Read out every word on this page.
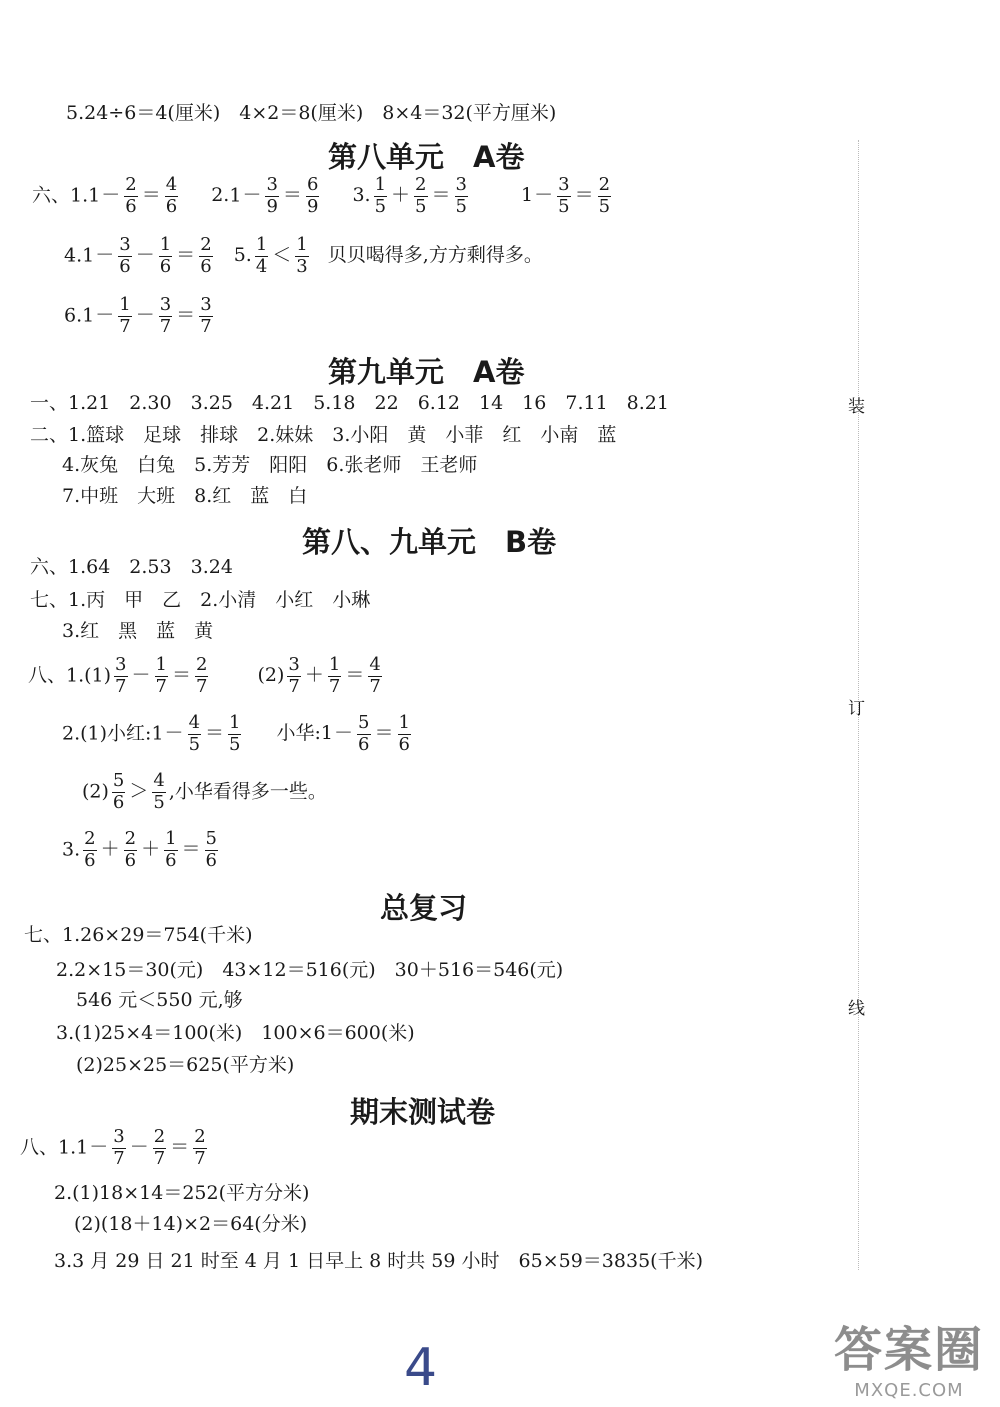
装
订
线
5.24÷6＝4(厘米)　4×2＝8(厘米)　8×4＝32(平方厘米)
第八单元　A卷
六、$1.1- \frac{2}{6} = \frac{4}{6} 2.1- \frac{3}{9} = \frac{6}{9} 3$. $\frac{1}{5} + \frac{2}{5} = \frac{3}{5}$	$1- \frac{3}{5} = \frac{2}{5}$
$4.1- \frac{3}{6} - \frac{1}{6} = \frac{2}{6} 5$. $\frac{1}{4} < \frac{1}{3}$ 贝贝喝得多,方方剩得多。
$6.1- \frac{1}{7} - \frac{3}{7} = \frac{3}{7}$
第九单元　A卷
一、1.21　2.30　3.25　4.21　5.18　22　6.12　14　16　7.11　8.21
二、1.篮球　足球　排球　2.妹妹　3.小阳　黄　小菲　红　小南　蓝
4.灰兔　白兔　5.芳芳　阳阳　6.张老师　王老师
7.中班　大班　8.红　蓝　白
第八、九单元　B卷
六、1.64　2.53　3.24
七、1.丙　甲　乙　2.小清　小红　小琳
3.红　黑　蓝　黄
八、$1.(1) \frac{3}{7} - \frac{1}{7} = \frac{2}{7}$	$(2) \frac{3}{7} + \frac{1}{7} = \frac{4}{7}$
2.(1)小红:1－ $\frac{4}{5} = \frac{1}{5}$ 小华:1－ $\frac{5}{6} = \frac{1}{6}$
$(2) \frac{5}{6} > \frac{4}{5}$ ,小华看得多一些。
3. $\frac{2}{6} + \frac{2}{6} + \frac{1}{6} = \frac{5}{6}$
总复习
七、1.26×29＝754(千米)
2.2×15＝30(元)　43×12＝516(元)　30＋516＝546(元)
546 元＜550 元,够
3.(1)25×4＝100(米)　100×6＝600(米)
(2)25×25＝625(平方米)
期末测试卷
八、$1.1- \frac{3}{7} - \frac{2}{7} = \frac{2}{7}$
2.(1)18×14＝252(平方分米)
(2)(18＋14)×2＝64(分米)
3.3 月 29 日 21 时至 4 月 1 日早上 8 时共 59 小时　65×59＝3835(千米)
4	答案圈
MXQE.COM
